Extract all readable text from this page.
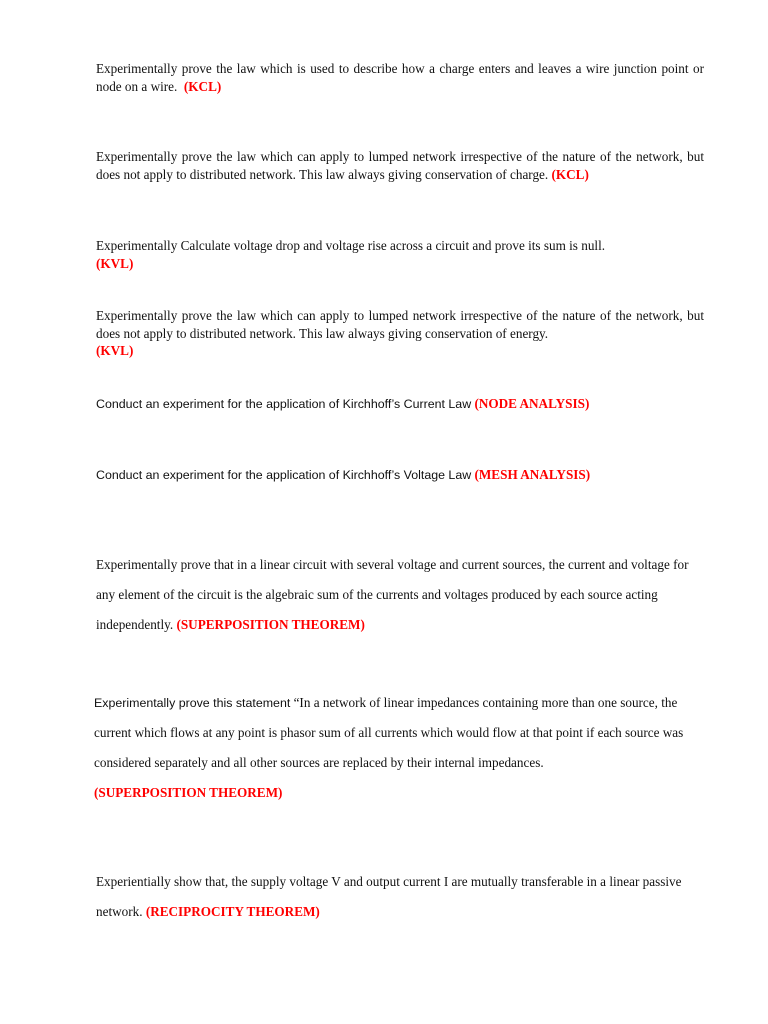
Experimentally prove the law which is used to describe how a charge enters and leaves a wire junction point or node on a wire. (KCL)

Experimentally prove the law which can apply to lumped network irrespective of the nature of the network, but does not apply to distributed network. This law always giving conservation of charge. (KCL)

Experimentally Calculate voltage drop and voltage rise across a circuit and prove its sum is null.
(KVL)

Experimentally prove the law which can apply to lumped network irrespective of the nature of the network, but does not apply to distributed network. This law always giving conservation of energy.
(KVL)

Conduct an experiment for the application of Kirchhoff’s Current Law (NODE ANALYSIS)

Conduct an experiment for the application of Kirchhoff’s Voltage Law (MESH ANALYSIS)

Experimentally prove that in a linear circuit with several voltage and current sources, the current and voltage for any element of the circuit is the algebraic sum of the currents and voltages produced by each source acting independently. (SUPERPOSITION THEOREM)

Experimentally prove this statement “In a network of linear impedances containing more than one source, the current which flows at any point is phasor sum of all currents which would flow at that point if each source was considered separately and all other sources are replaced by their internal impedances.
(SUPERPOSITION THEOREM)

Experientially show that, the supply voltage V and output current I are mutually transferable in a linear passive network. (RECIPROCITY THEOREM)
